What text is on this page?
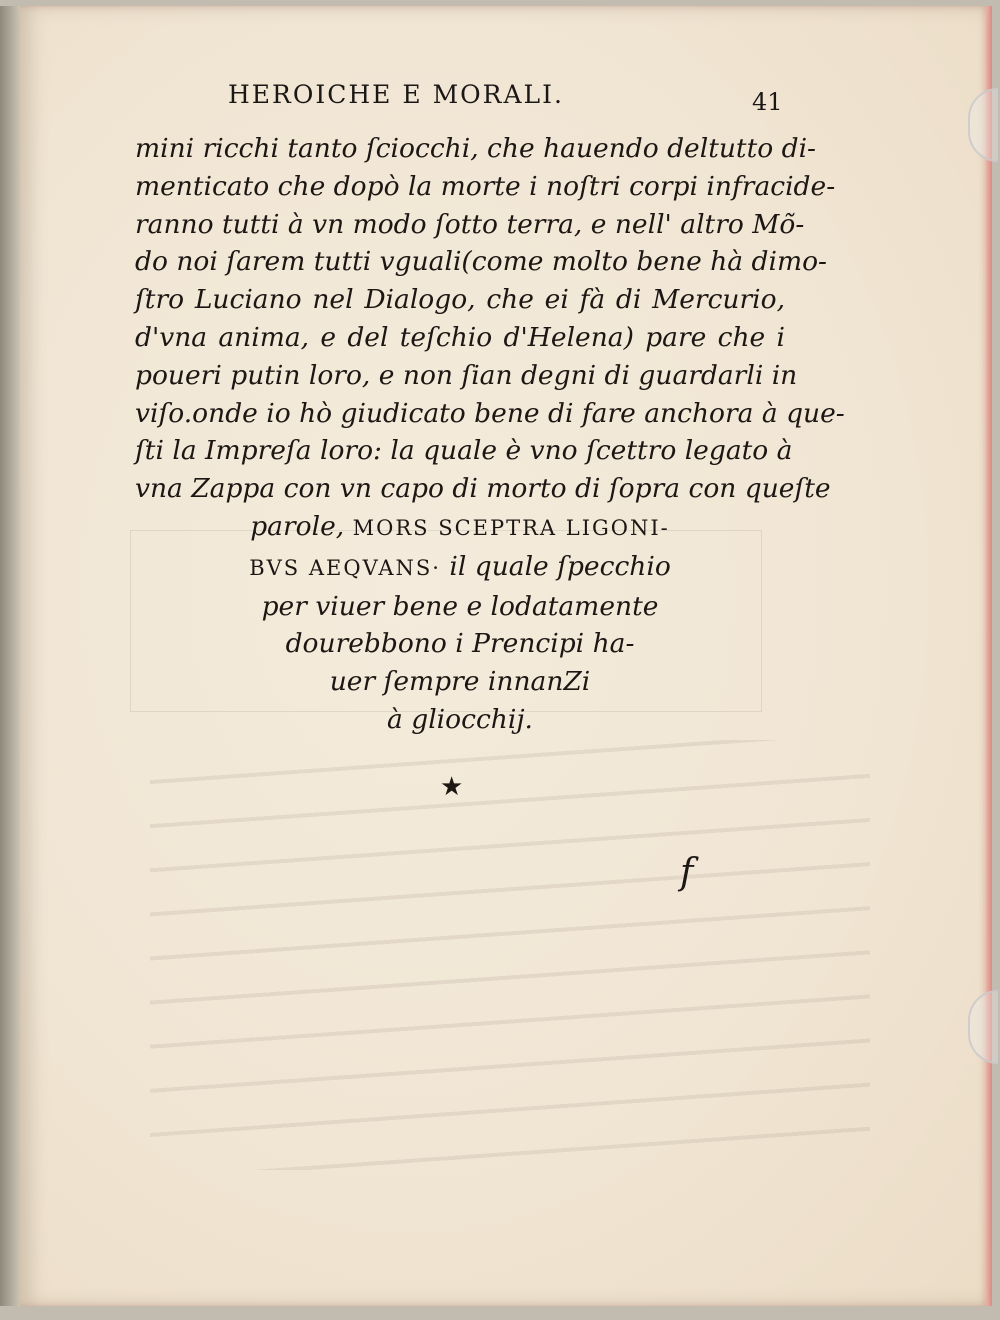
HEROICHE E MORALI.	41
mini ricchi tanto ſciocchi, che hauendo deltutto di-
menticato che dopò la morte i noſtri corpi infracide-
ranno tutti à vn modo ſotto terra, e nell' altro Mõ-
do noi ſarem tutti vguali(come molto bene hà dimo-
ſtro Luciano nel Dialogo, che ei fà di Mercurio,
d'vna anima, e del teſchio d'Helena) pare che i
poueri putin loro, e non ſian degni di guardarli in
viſo.onde io hò giudicato bene di fare anchora à que-
ſti la Impreſa loro: la quale è vno ſcettro legato à
vna Zappa con vn capo di morto di ſopra con queſte
parole, MORS SCEPTRA LIGONI-
BVS AEQVANS· il quale ſpecchio
per viuer bene e lodatamente
dourebbono i Prencipi ha-
uer ſempre innanZi
à gliocchij.
★
f
